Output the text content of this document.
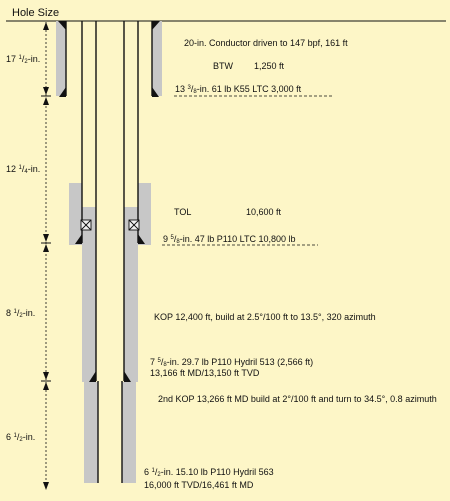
Hole Size
17 $^1$/2-in.
12 $^1$/4-in.
8 $^1$/2-in.
6 $^1$/2-in.
20-in. Conductor driven to 147 bpf, 161 ft
BTW 1,250 ft
13 $^3$/8-in. 61 lb K55 LTC 3,000 ft
TOL	10,600 ft
9 $^5$/8-in. 47 lb P110 LTC 10,800 lb
KOP 12,400 ft, build at 2.5°/100 ft to 13.5°, 320 azimuth
7 $^5$/8-in. 29.7 lb P110 Hydril 513 (2,566 ft)
13,166 ft MD/13,150 ft TVD
2nd KOP 13,266 ft MD build at 2°/100 ft and turn to 34.5°, 0.8 azimuth
6 $^1$/2-in. 15.10 lb P110 Hydril 563
16,000 ft TVD/16,461 ft MD
